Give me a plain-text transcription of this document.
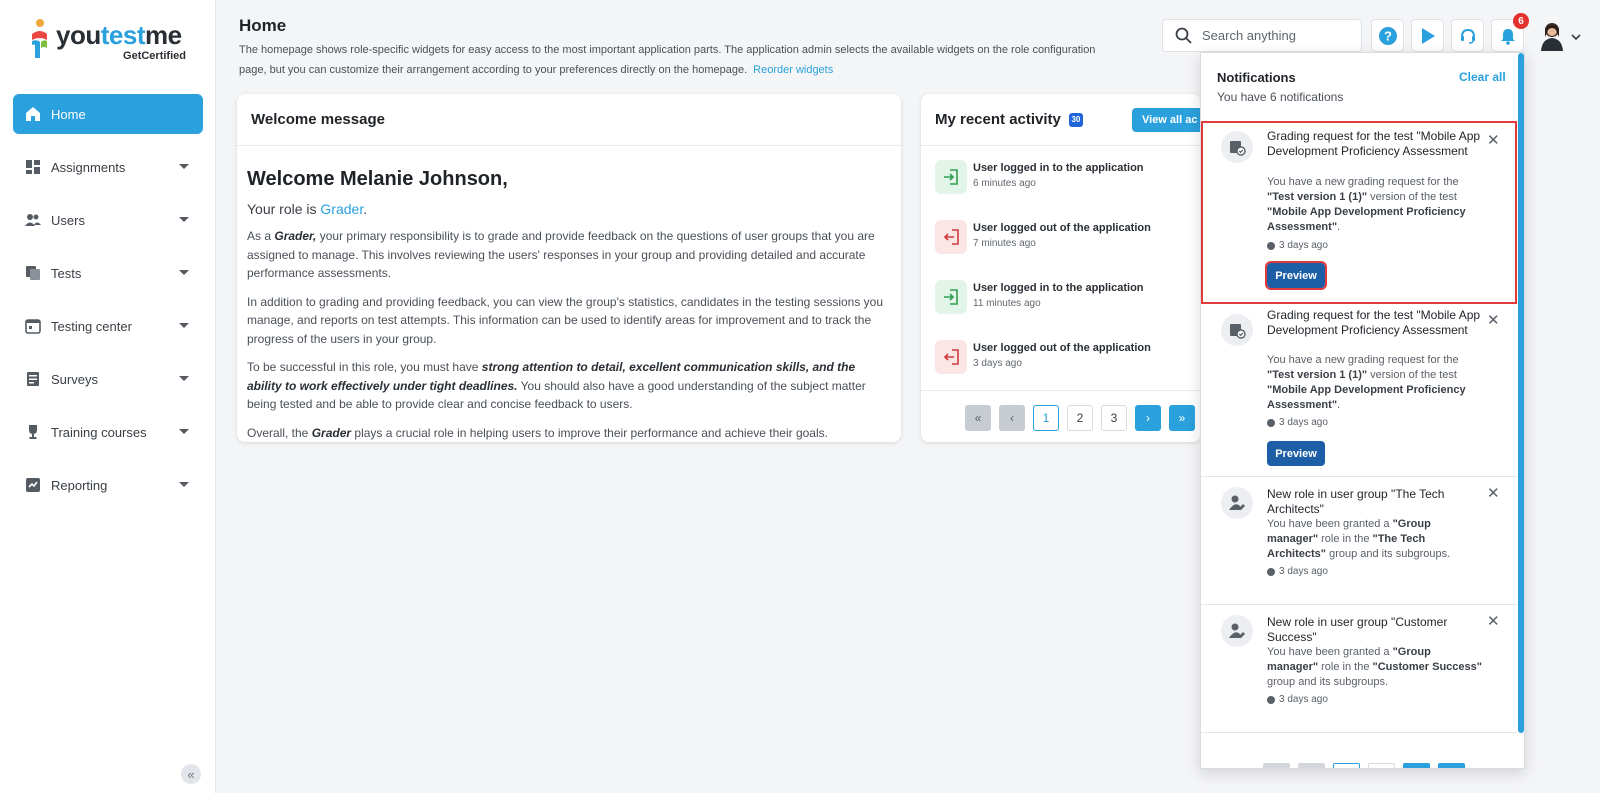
youtestme
GetCertified
Home
Assignments
Users
Tests
Testing center
Surveys
Training courses
Reporting
«
Home
The homepage shows role-specific widgets for easy access to the most important application parts. The application admin selects the available widgets on the role configuration page, but you can customize their arrangement according to your preferences directly on the homepage. Reorder widgets
Search anything	?
6
Welcome message
Welcome Melanie Johnson,
Your role is Grader.

As a Grader, your primary responsibility is to grade and provide feedback on the questions of user groups that you are assigned to manage. This involves reviewing the users' responses in your group and providing detailed and accurate performance assessments.

In addition to grading and providing feedback, you can view the group's statistics, candidates in the testing sessions you manage, and reports on test attempts. This information can be used to identify areas for improvement and to track the progress of the users in your group.

To be successful in this role, you must have strong attention to detail, excellent communication skills, and the ability to work effectively under tight deadlines. You should also have a good understanding of the subject matter being tested and be able to provide clear and concise feedback to users.

Overall, the Grader plays a crucial role in helping users to improve their performance and achieve their goals.

My recent activity	30	View all ac
User logged in to the application
6 minutes ago
User logged out of the application
7 minutes ago
User logged in to the application
11 minutes ago
User logged out of the application
3 days ago
«	‹	1	2	3	›	»
Notifications
You have 6 notifications
Clear all
✕
Grading request for the test "Mobile App Development Proficiency Assessment
You have a new grading request for the "Test version 1 (1)" version of the test "Mobile App Development Proficiency Assessment".
3 days ago
Preview
✕
Grading request for the test "Mobile App Development Proficiency Assessment
You have a new grading request for the "Test version 1 (1)" version of the test "Mobile App Development Proficiency Assessment".
3 days ago
Preview
✕
New role in user group "The Tech Architects"
You have been granted a "Group manager" role in the "The Tech Architects" group and its subgroups.
3 days ago
✕
New role in user group "Customer Success"
You have been granted a "Group manager" role in the "Customer Success" group and its subgroups.
3 days ago
